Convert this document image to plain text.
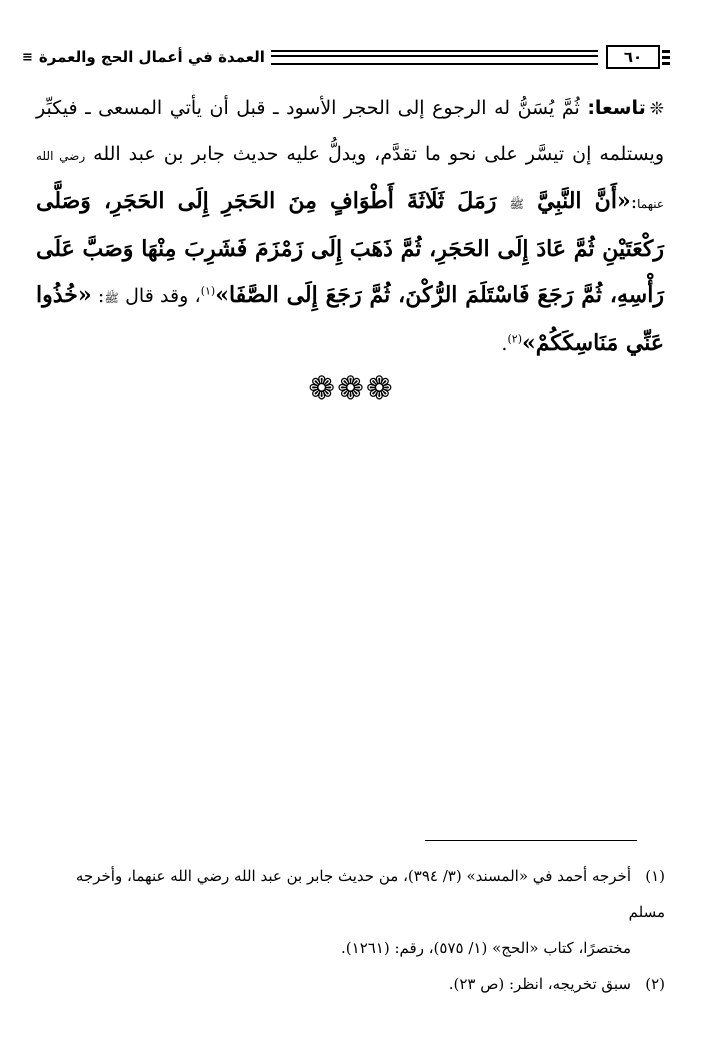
٦٠
العمدة في أعمال الحج والعمرة
≡

❊تاسعا: ثُمَّ يُسَنُّ له الرجوع إلى الحجر الأسود ـ قبل أن يأتي المسعى ـ فيكبِّر ويستلمه إن تيسَّر على نحو ما تقدَّم، ويدلُّ عليه حديث جابر بن عبد الله رضي الله عنهما:«أَنَّ النَّبِيَّ ﷺ رَمَلَ ثَلَاثَةَ أَطْوَافٍ مِنَ الحَجَرِ إِلَى الحَجَرِ، وَصَلَّى رَكْعَتَيْنِ ثُمَّ عَادَ إِلَى الحَجَرِ، ثُمَّ ذَهَبَ إِلَى زَمْزَمَ فَشَرِبَ مِنْهَا وَصَبَّ عَلَى رَأْسِهِ، ثُمَّ رَجَعَ فَاسْتَلَمَ الرُّكْنَ، ثُمَّ رَجَعَ إِلَى الصَّفَا»$^{(١)}$، وقد قال ﷺ: «خُذُوا عَنِّي مَنَاسِكَكُمْ»$^{(٢)}$.

❁❁❁

(١)أخرجه أحمد في «المسند» (٣/ ٣٩٤)، من حديث جابر بن عبد الله رضي الله عنهما، وأخرجه مسلم

مختصرًا، كتاب «الحج» (١/ ٥٧٥)، رقم: (١٢٦١).

(٢)سبق تخريجه، انظر: (ص ٢٣).
